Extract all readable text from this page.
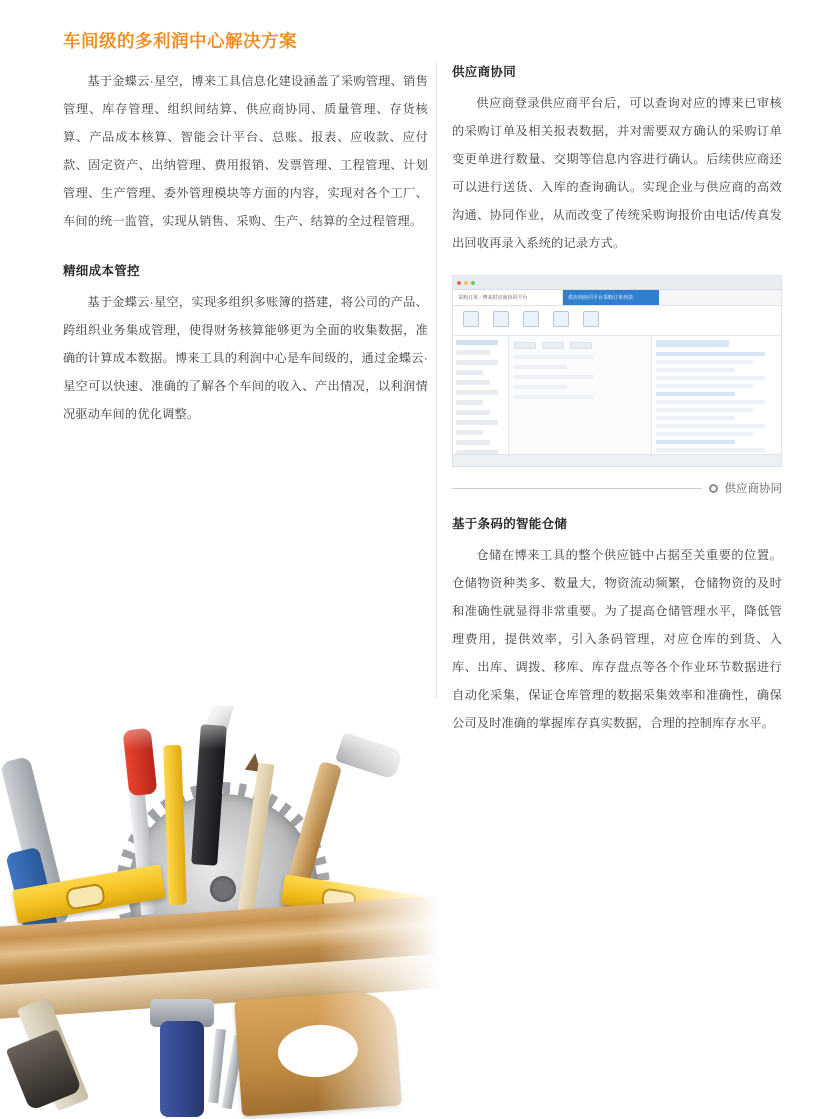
车间级的多利润中心解决方案

基于金蝶云·星空，博来工具信息化建设涵盖了采购管理、销售管理、库存管理、组织间结算、供应商协同、质量管理、存货核算、产品成本核算、智能会计平台、总账、报表、应收款、应付款、固定资产、出纳管理、费用报销、发票管理、工程管理、计划管理、生产管理、委外管理模块等方面的内容，实现对各个工厂、车间的统一监管，实现从销售、采购、生产、结算的全过程管理。

精细成本管控

基于金蝶云·星空，实现多组织多账簿的搭建，将公司的产品、跨组织业务集成管理，使得财务核算能够更为全面的收集数据，准确的计算成本数据。博来工具的利润中心是车间级的，通过金蝶云·星空可以快速、准确的了解各个车间的收入、产出情况，以利润情况驱动车间的优化调整。

供应商协同

供应商登录供应商平台后，可以查询对应的博来已审核的采购订单及相关报表数据，并对需要双方确认的采购订单变更单进行数量、交期等信息内容进行确认。后续供应商还可以进行送货、入库的查询确认。实现企业与供应商的高效沟通、协同作业，从而改变了传统采购询报价由电话/传真发出回收再录入系统的记录方式。

采购订单 - 博来供应商协同平台	供应商协同平台采购订单列表
供应商协同
基于条码的智能仓储

仓储在博来工具的整个供应链中占据至关重要的位置。仓储物资种类多、数量大，物资流动频繁，仓储物资的及时和准确性就显得非常重要。为了提高仓储管理水平，降低管理费用，提供效率，引入条码管理，对应仓库的到货、入库、出库、调拨、移库、库存盘点等各个作业环节数据进行自动化采集，保证仓库管理的数据采集效率和准确性，确保公司及时准确的掌握库存真实数据，合理的控制库存水平。
